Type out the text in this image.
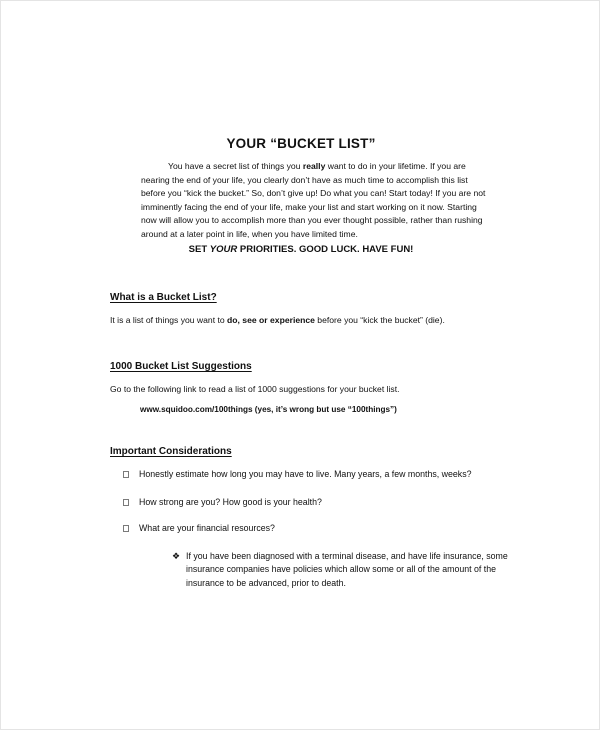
YOUR “BUCKET LIST”
You have a secret list of things you really want to do in your lifetime. If you are nearing the end of your life, you clearly don’t have as much time to accomplish this list before you “kick the bucket.” So, don’t give up! Do what you can! Start today! If you are not imminently facing the end of your life, make your list and start working on it now. Starting now will allow you to accomplish more than you ever thought possible, rather than rushing around at a later point in life, when you have limited time.
SET YOUR PRIORITIES. GOOD LUCK. HAVE FUN!
What is a Bucket List?
It is a list of things you want to do, see or experience before you “kick the bucket” (die).
1000 Bucket List Suggestions
Go to the following link to read a list of 1000 suggestions for your bucket list.
www.squidoo.com/100things (yes, it’s wrong but use “100things”)
Important Considerations
Honestly estimate how long you may have to live. Many years, a few months, weeks?
How strong are you? How good is your health?
What are your financial resources?
❖ If you have been diagnosed with a terminal disease, and have life insurance, some insurance companies have policies which allow some or all of the amount of the insurance to be advanced, prior to death.
